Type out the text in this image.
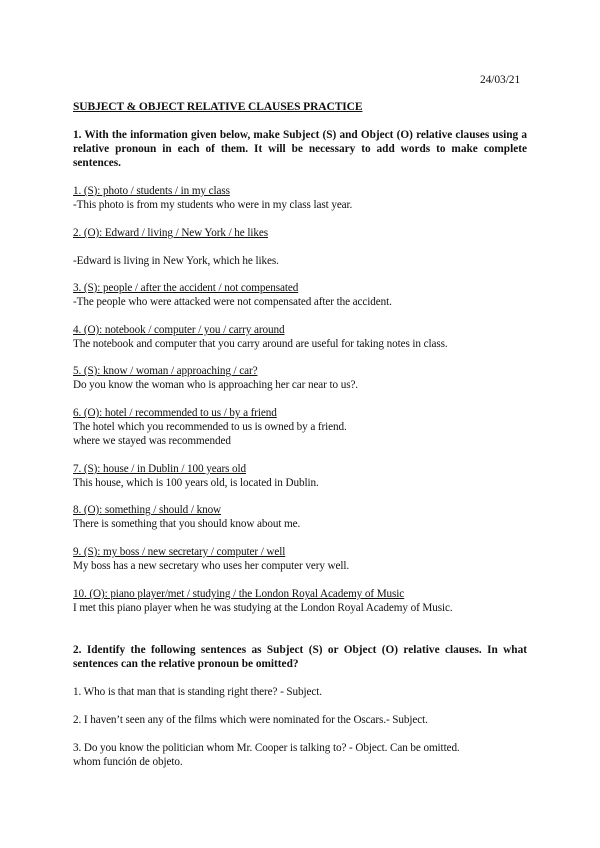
24/03/21
SUBJECT & OBJECT RELATIVE CLAUSES PRACTICE
1. With the information given below, make Subject (S) and Object (O) relative clauses using a relative pronoun in each of them. It will be necessary to add words to make complete sentences.
1. (S): photo / students / in my class
-This photo is from my students who were in my class last year.
2. (O): Edward / living / New York / he likes
-Edward is living in New York, which he likes.
3. (S): people / after the accident / not compensated
-The people who were attacked were not compensated after the accident.
4. (O): notebook / computer / you / carry around
The notebook and computer that you carry around are useful for taking notes in class.
5. (S): know / woman / approaching / car?
Do you know the woman who is approaching her car near to us?.
6. (O): hotel / recommended to us / by a friend
The hotel which you recommended to us is owned by a friend.
where we stayed was recommended
7. (S): house / in Dublin / 100 years old
This house, which is 100 years old, is located in Dublin.
8. (O): something / should / know
There is something that you should know about me.
9. (S): my boss / new secretary / computer / well
My boss has a new secretary who uses her computer very well.
10. (O): piano player/met / studying / the London Royal Academy of Music
I met this piano player when he was studying at the London Royal Academy of Music.
2. Identify the following sentences as Subject (S) or Object (O) relative clauses. In what sentences can the relative pronoun be omitted?
1. Who is that man that is standing right there? - Subject.
2. I haven’t seen any of the films which were nominated for the Oscars.- Subject.
3. Do you know the politician whom Mr. Cooper is talking to? - Object. Can be omitted.
whom función de objeto.
